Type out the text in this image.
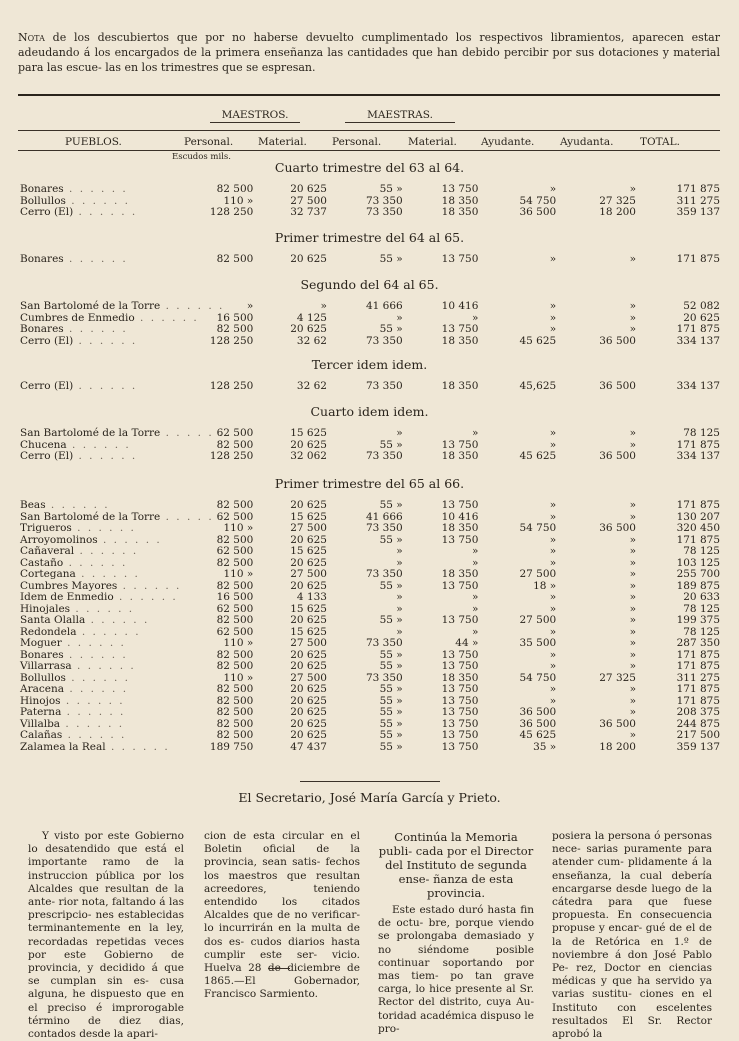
Nota de los descubiertos que por no haberse devuelto cumplimentado los respectivos libramientos, aparecen estar adeudando á los encargados de la primera enseñanza las cantidades que han debido percibir por sus dotaciones y material para las escue- las en los trimestres que se espresan.
MAESTROS.	MAESTRAS.
PUEBLOS.	Personal. Material. Personal.	Material. Ayudante. Ayudanta.	TOTAL.
Escudos mils.
Cuarto trimestre del 63 al 64.
Bonares . . . . . .	82 500	20 625	55 »	13 750	»	»	171 875
Bollullos . . . . . .	110 »	27 500	73 350	18 350	54 750	27 325	311 275
Cerro (El) . . . . . .	128 250	32 737	73 350	18 350	36 500	18 200	359 137
Primer trimestre del 64 al 65.
Bonares . . . . . .	82 500	20 625	55 »	13 750	»	»	171 875
Segundo del 64 al 65.
San Bartolomé de la Torre . . . . . .	»	»	41 666	10 416	»	»	52 082
Cumbres de Enmedio . . . . . .	16 500	4 125	»	»	»	»	20 625
Bonares . . . . . .	82 500	20 625	55 »	13 750	»	»	171 875
Cerro (El) . . . . . .	128 250	32 62	73 350	18 350	45 625	36 500	334 137
Tercer idem idem.
Cerro (El) . . . . . .	128 250	32 62	73 350	18 350	45,625	36 500	334 137
Cuarto idem idem.
San Bartolomé de la Torre . . . . . .	62 500	15 625	»	»	»	»	78 125
Chucena . . . . . .	82 500	20 625	55 »	13 750	»	»	171 875
Cerro (El) . . . . . .	128 250	32 062	73 350	18 350	45 625	36 500	334 137
Primer trimestre del 65 al 66.
Beas . . . . . .	82 500	20 625	55 »	13 750	»	»	171 875
San Bartolomé de la Torre . . . . . .	62 500	15 625	41 666	10 416	»	»	130 207
Trigueros . . . . . .	110 »	27 500	73 350	18 350	54 750	36 500	320 450
Arroyomolinos . . . . . .	82 500	20 625	55 »	13 750	»	»	171 875
Cañaveral . . . . . .	62 500	15 625	»	»	»	»	78 125
Castaño . . . . . .	82 500	20 625	»	»	»	»	103 125
Cortegana . . . . . .	110 »	27 500	73 350	18 350	27 500	»	255 700
Cumbres Mayores . . . . . .	82 500	20 625	55 »	13 750	18 »	»	189 875
Idem de Enmedio . . . . . .	16 500	4 133	»	»	»	»	20 633
Hinojales . . . . . .	62 500	15 625	»	»	»	»	78 125
Santa Olalla . . . . . .	82 500	20 625	55 »	13 750	27 500	»	199 375
Redondela . . . . . .	62 500	15 625	»	»	»	»	78 125
Moguer . . . . . .	110 »	27 500	73 350	44 »	35 500	»	287 350
Bonares . . . . . .	82 500	20 625	55 »	13 750	»	»	171 875
Villarrasa . . . . . .	82 500	20 625	55 »	13 750	»	»	171 875
Bollullos . . . . . .	110 »	27 500	73 350	18 350	54 750	27 325	311 275
Aracena . . . . . .	82 500	20 625	55 »	13 750	»	»	171 875
Hinojos . . . . . .	82 500	20 625	55 »	13 750	»	»	171 875
Paterna . . . . . .	82 500	20 625	55 »	13 750	36 500	»	208 375
Villalba . . . . . .	82 500	20 625	55 »	13 750	36 500	36 500	244 875
Calañas . . . . . .	82 500	20 625	55 »	13 750	45 625	»	217 500
Zalamea la Real . . . . . .	189 750	47 437	55 »	13 750	35 »	18 200	359 137
El Secretario, José María García y Prieto.

Y visto por este Gobierno lo desatendido que está el importante ramo de la instruccion pública por los Alcaldes que resultan de la ante- rior nota, faltando á las prescripcio- nes establecidas terminantemente en la ley, recordadas repetidas veces por este Gobierno de provincia, y decidido á que se cumplan sin es- cusa alguna, he dispuesto que en el preciso é improrogable término de diez dias, contados desde la apari-

cion de esta circular en el Boletin oficial de la provincia, sean satis- fechos los maestros que resultan acreedores, teniendo entendido los citados Alcaldes que de no verificar- lo incurrirán en la multa de dos es- cudos diarios hasta cumplir este ser- vicio. Huelva 28 de diciembre de 1865.—El Gobernador, Francisco Sarmiento.

Continúa la Memoria publi- cada por el Director del Instituto de segunda ense- ñanza de esta provincia.

Este estado duró hasta fin de octu- bre, porque viendo se prolongaba demasiado y no siéndome posible continuar soportando por mas tiem- po tan grave carga, lo hice presente al Sr. Rector del distrito, cuya Au- toridad académica dispuso le pro-

posiera la persona ó personas nece- sarias puramente para atender cum- plidamente á la enseñanza, la cual debería encargarse desde luego de la cátedra para que fuese propuesta. En consecuencia propuse y encar- gué de el de la de Retórica en 1.º de noviembre á don José Pablo Pe- rez, Doctor en ciencias médicas y que ha servido ya varias sustitu- ciones en el Instituto con escelentes resultados El Sr. Rector aprobó la
